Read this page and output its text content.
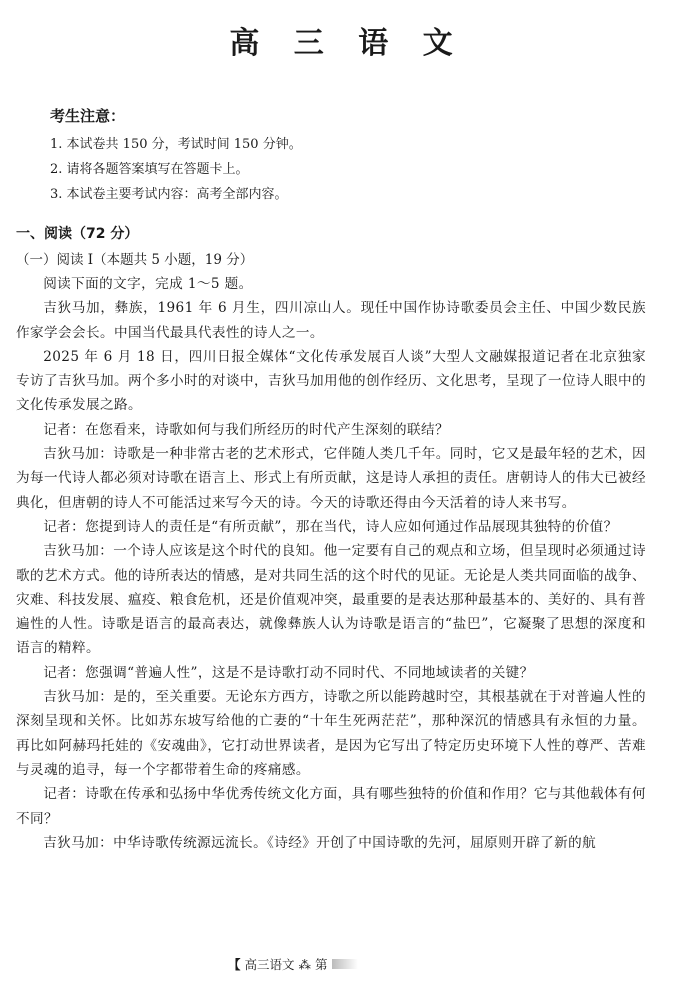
高 三 语 文

考生注意：

1. 本试卷共 150 分，考试时间 150 分钟。

2. 请将各题答案填写在答题卡上。

3. 本试卷主要考试内容：高考全部内容。

一、阅读（72 分）

（一）阅读 Ⅰ（本题共 5 小题，19 分）

阅读下面的文字，完成 1～5 题。

吉狄马加，彝族，1961 年 6 月生，四川凉山人。现任中国作协诗歌委员会主任、中国少数民族作家学会会长。中国当代最具代表性的诗人之一。

2025 年 6 月 18 日，四川日报全媒体“文化传承发展百人谈”大型人文融媒报道记者在北京独家专访了吉狄马加。两个多小时的对谈中，吉狄马加用他的创作经历、文化思考，呈现了一位诗人眼中的文化传承发展之路。

记者：在您看来，诗歌如何与我们所经历的时代产生深刻的联结？

吉狄马加：诗歌是一种非常古老的艺术形式，它伴随人类几千年。同时，它又是最年轻的艺术，因为每一代诗人都必须对诗歌在语言上、形式上有所贡献，这是诗人承担的责任。唐朝诗人的伟大已被经典化，但唐朝的诗人不可能活过来写今天的诗。今天的诗歌还得由今天活着的诗人来书写。

记者：您提到诗人的责任是“有所贡献”，那在当代，诗人应如何通过作品展现其独特的价值？

吉狄马加：一个诗人应该是这个时代的良知。他一定要有自己的观点和立场，但呈现时必须通过诗歌的艺术方式。他的诗所表达的情感，是对共同生活的这个时代的见证。无论是人类共同面临的战争、灾难、科技发展、瘟疫、粮食危机，还是价值观冲突，最重要的是表达那种最基本的、美好的、具有普遍性的人性。诗歌是语言的最高表达，就像彝族人认为诗歌是语言的“盐巴”，它凝聚了思想的深度和语言的精粹。

记者：您强调“普遍人性”，这是不是诗歌打动不同时代、不同地域读者的关键？

吉狄马加：是的，至关重要。无论东方西方，诗歌之所以能跨越时空，其根基就在于对普遍人性的深刻呈现和关怀。比如苏东坡写给他的亡妻的“十年生死两茫茫”，那种深沉的情感具有永恒的力量。再比如阿赫玛托娃的《安魂曲》，它打动世界读者，是因为它写出了特定历史环境下人性的尊严、苦难与灵魂的追寻，每一个字都带着生命的疼痛感。

记者：诗歌在传承和弘扬中华优秀传统文化方面，具有哪些独特的价值和作用？它与其他载体有何不同？

吉狄马加：中华诗歌传统源远流长。《诗经》开创了中国诗歌的先河，屈原则开辟了新的航

【 高三语文 ⁂ 第
